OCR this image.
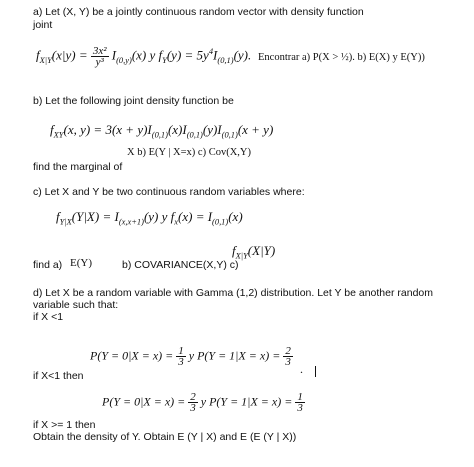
a) Let (X, Y) be a jointly continuous random vector with density function
joint
$f_{X|Y}(x|y) = \frac{\text{3x²}}{\text{y³}} I_{(0,y)}(x)$ y $f_Y(y) = 5y^4I_{(0,1)}(y)$. Encontrar a) P(X > ½). b) E(X) y E(Y))
b) Let the following joint density function be
$f_{XY}(x$, $y) = 3(x + y)I_{(0,1)}(x)I_{(0,1)}(y)I_{(0,1)}(x + y)$
X b) E(Y | X=x) c) Cov(X,Y)
find the marginal of
c) Let X and Y be two continuous random variables where:
$f_{Y|X}(Y|X) = I_{(x,x+1)}(y)$ y $f_x(x) = I_{(0,1)}(x)$
$f_{X|Y}(X|Y)$
find a) E(Y)	b) COVARIANCE(X,Y) c)
d) Let X be a random variable with Gamma (1,2) distribution. Let Y be another random
variable such that:
if X <1
$P(Y = 0|X = x) = \frac{1}{3}$ y $P(Y = 1|X = x) = \frac{2}{3}$
.
if X<1 then
$P(Y = 0|X = x) = \frac{2}{3}$ y $P(Y = 1|X = x) = \frac{1}{3}$
if X >= 1 then
Obtain the density of Y. Obtain E (Y | X) and E (E (Y | X))
